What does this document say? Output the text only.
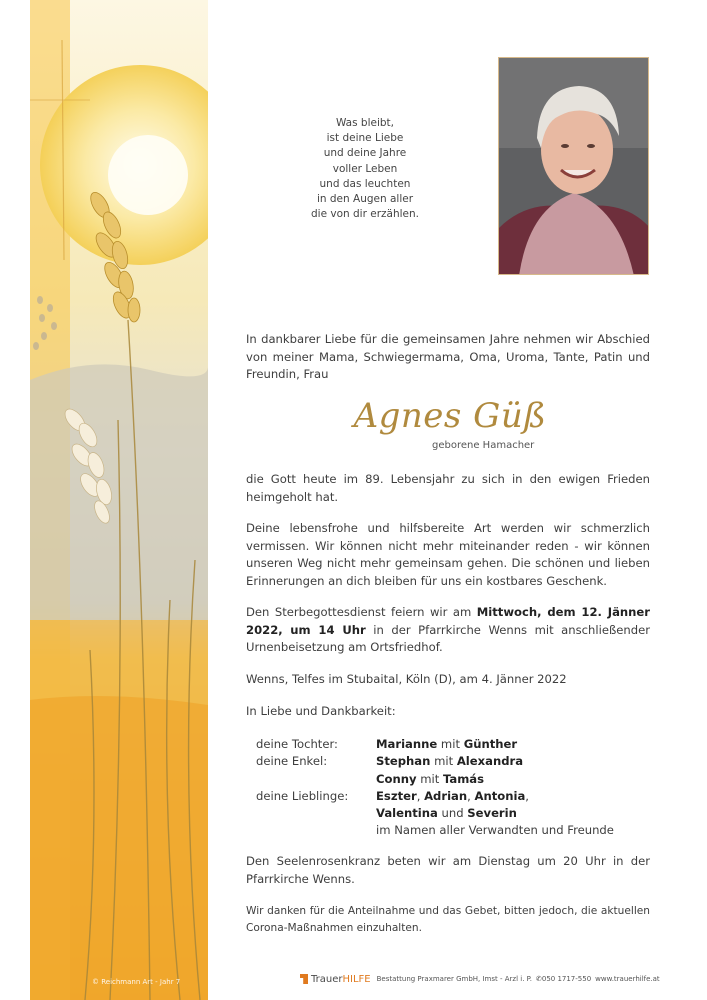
© Reichmann Art - Jahr 7
Was bleibt,
ist deine Liebe
und deine Jahre
voller Leben
und das leuchten
in den Augen aller
die von dir erzählen.
In dankbarer Liebe für die gemeinsamen Jahre nehmen wir Abschied von meiner Mama, Schwiegermama, Oma, Uroma, Tante, Patin und Freundin, Frau
Agnes Güß
geborene Hamacher
die Gott heute im 89. Lebensjahr zu sich in den ewigen Frieden heimgeholt hat.
Deine lebensfrohe und hilfsbereite Art werden wir schmerzlich vermissen. Wir können nicht mehr miteinander reden - wir können unseren Weg nicht mehr gemeinsam gehen. Die schönen und lieben Erinnerungen an dich bleiben für uns ein kostbares Geschenk.
Den Sterbegottesdienst feiern wir am Mittwoch, dem 12. Jänner 2022, um 14 Uhr in der Pfarrkirche Wenns mit anschließender Urnenbeisetzung am Ortsfriedhof.
Wenns, Telfes im Stubaital, Köln (D), am 4. Jänner 2022
In Liebe und Dankbarkeit:
deine Tochter:	Marianne mit Günther
deine Enkel:	Stephan mit Alexandra
Conny mit Tamás
deine Lieblinge:	Eszter, Adrian, Antonia,
Valentina und Severin
im Namen aller Verwandten und Freunde
Den Seelenrosenkranz beten wir am Dienstag um 20 Uhr in der Pfarrkirche Wenns.
Wir danken für die Anteilnahme und das Gebet, bitten jedoch, die aktuellen Corona-Maßnahmen einzuhalten.
TrauerHILFE Bestattung Praxmarer GmbH, Imst - Arzl i. P. ✆050 1717-550 www.trauerhilfe.at
